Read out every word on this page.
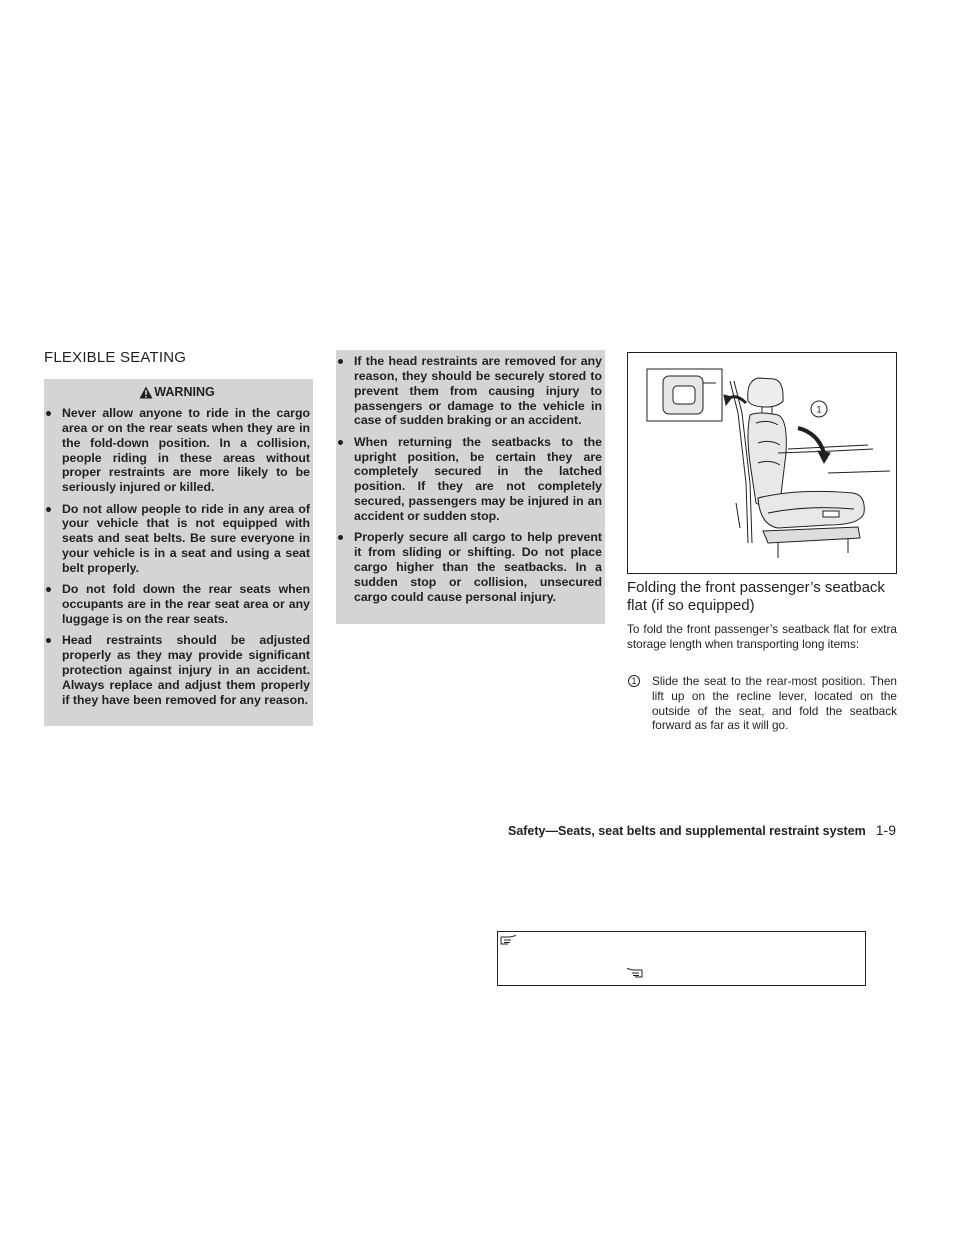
FLEXIBLE SEATING
WARNING
Never allow anyone to ride in the cargo area or on the rear seats when they are in the fold-down position. In a collision, people riding in these areas without proper restraints are more likely to be seriously injured or killed.
Do not allow people to ride in any area of your vehicle that is not equipped with seats and seat belts. Be sure everyone in your vehicle is in a seat and using a seat belt properly.
Do not fold down the rear seats when occupants are in the rear seat area or any luggage is on the rear seats.
Head restraints should be adjusted properly as they may provide significant protection against injury in an accident. Always replace and adjust them properly if they have been removed for any reason.
If the head restraints are removed for any reason, they should be securely stored to prevent them from causing injury to passengers or damage to the vehicle in case of sudden braking or an accident.
When returning the seatbacks to the upright position, be certain they are completely secured in the latched position. If they are not completely secured, passengers may be injured in an accident or sudden stop.
Properly secure all cargo to help prevent it from sliding or shifting. Do not place cargo higher than the seatbacks. In a sudden stop or collision, unsecured cargo could cause personal injury.
1
Folding the front passenger’s seatback flat (if so equipped)
To fold the front passenger’s seatback flat for extra storage length when transporting long items:
1 Slide the seat to the rear-most position. Then lift up on the recline lever, located on the outside of the seat, and fold the seatback forward as far as it will go.
Safety—Seats, seat belts and supplemental restraint system 1-9
